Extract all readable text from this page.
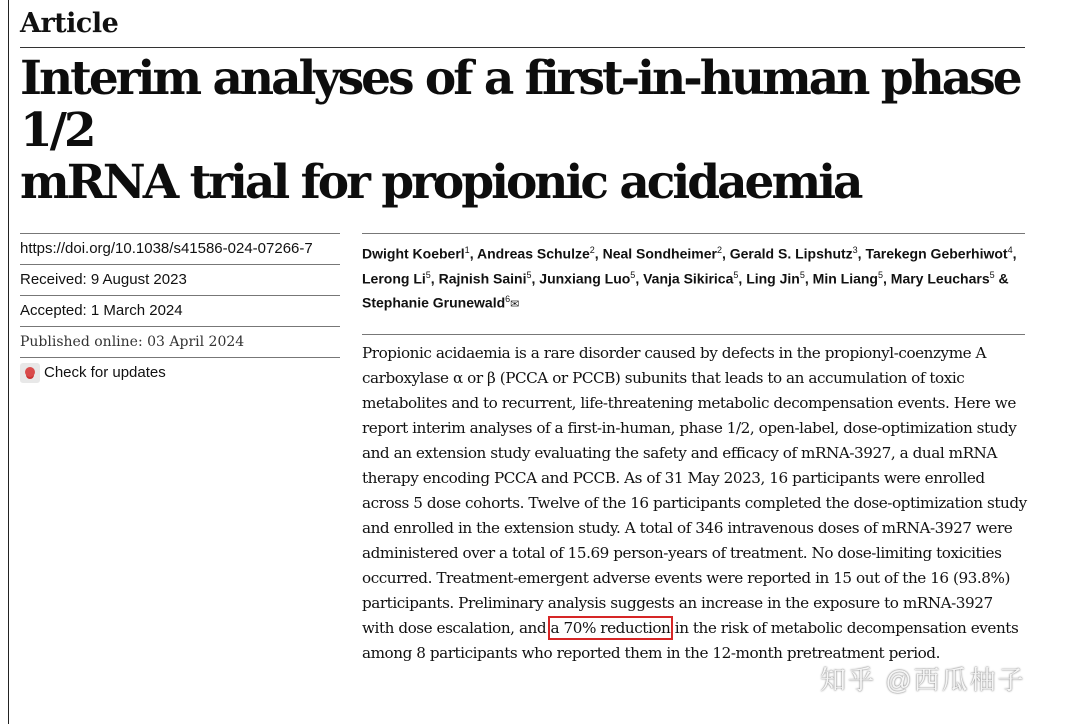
Article
Interim analyses of a first-in-human phase 1/2
mRNA trial for propionic acidaemia
https://doi.org/10.1038/s41586-024-07266-7
Received: 9 August 2023
Accepted: 1 March 2024
Published online: 03 April 2024
Check for updates
Dwight Koeberl$^1$, Andreas Schulze$^2$, Neal Sondheimer$^2$, Gerald S. Lipshutz$^3$, Tarekegn Geberhiwot$^4$, Lerong Li$^5$, Rajnish Saini$^5$, Junxiang Luo$^5$, Vanja Sikirica$^5$, Ling Jin$^5$, Min Liang$^5$, Mary Leuchars$^5$ & Stephanie Grunewald$^6$✉

Propionic acidaemia is a rare disorder caused by defects in the propionyl-coenzyme A carboxylase α or β (PCCA or PCCB) subunits that leads to an accumulation of toxic metabolites and to recurrent, life-threatening metabolic decompensation events. Here we report interim analyses of a first-in-human, phase 1/2, open-label, dose-optimization study and an extension study evaluating the safety and efficacy of mRNA-3927, a dual mRNA therapy encoding PCCA and PCCB. As of 31 May 2023, 16 participants were enrolled across 5 dose cohorts. Twelve of the 16 participants completed the dose-optimization study and enrolled in the extension study. A total of 346 intravenous doses of mRNA-3927 were administered over a total of 15.69 person-years of treatment. No dose-limiting toxicities occurred. Treatment-emergent adverse events were reported in 15 out of the 16 (93.8%) participants. Preliminary analysis suggests an increase in the exposure to mRNA-3927 with dose escalation, and a 70% reduction in the risk of metabolic decompensation events among 8 participants who reported them in the 12-month pretreatment period.

知乎 @西瓜柚子
